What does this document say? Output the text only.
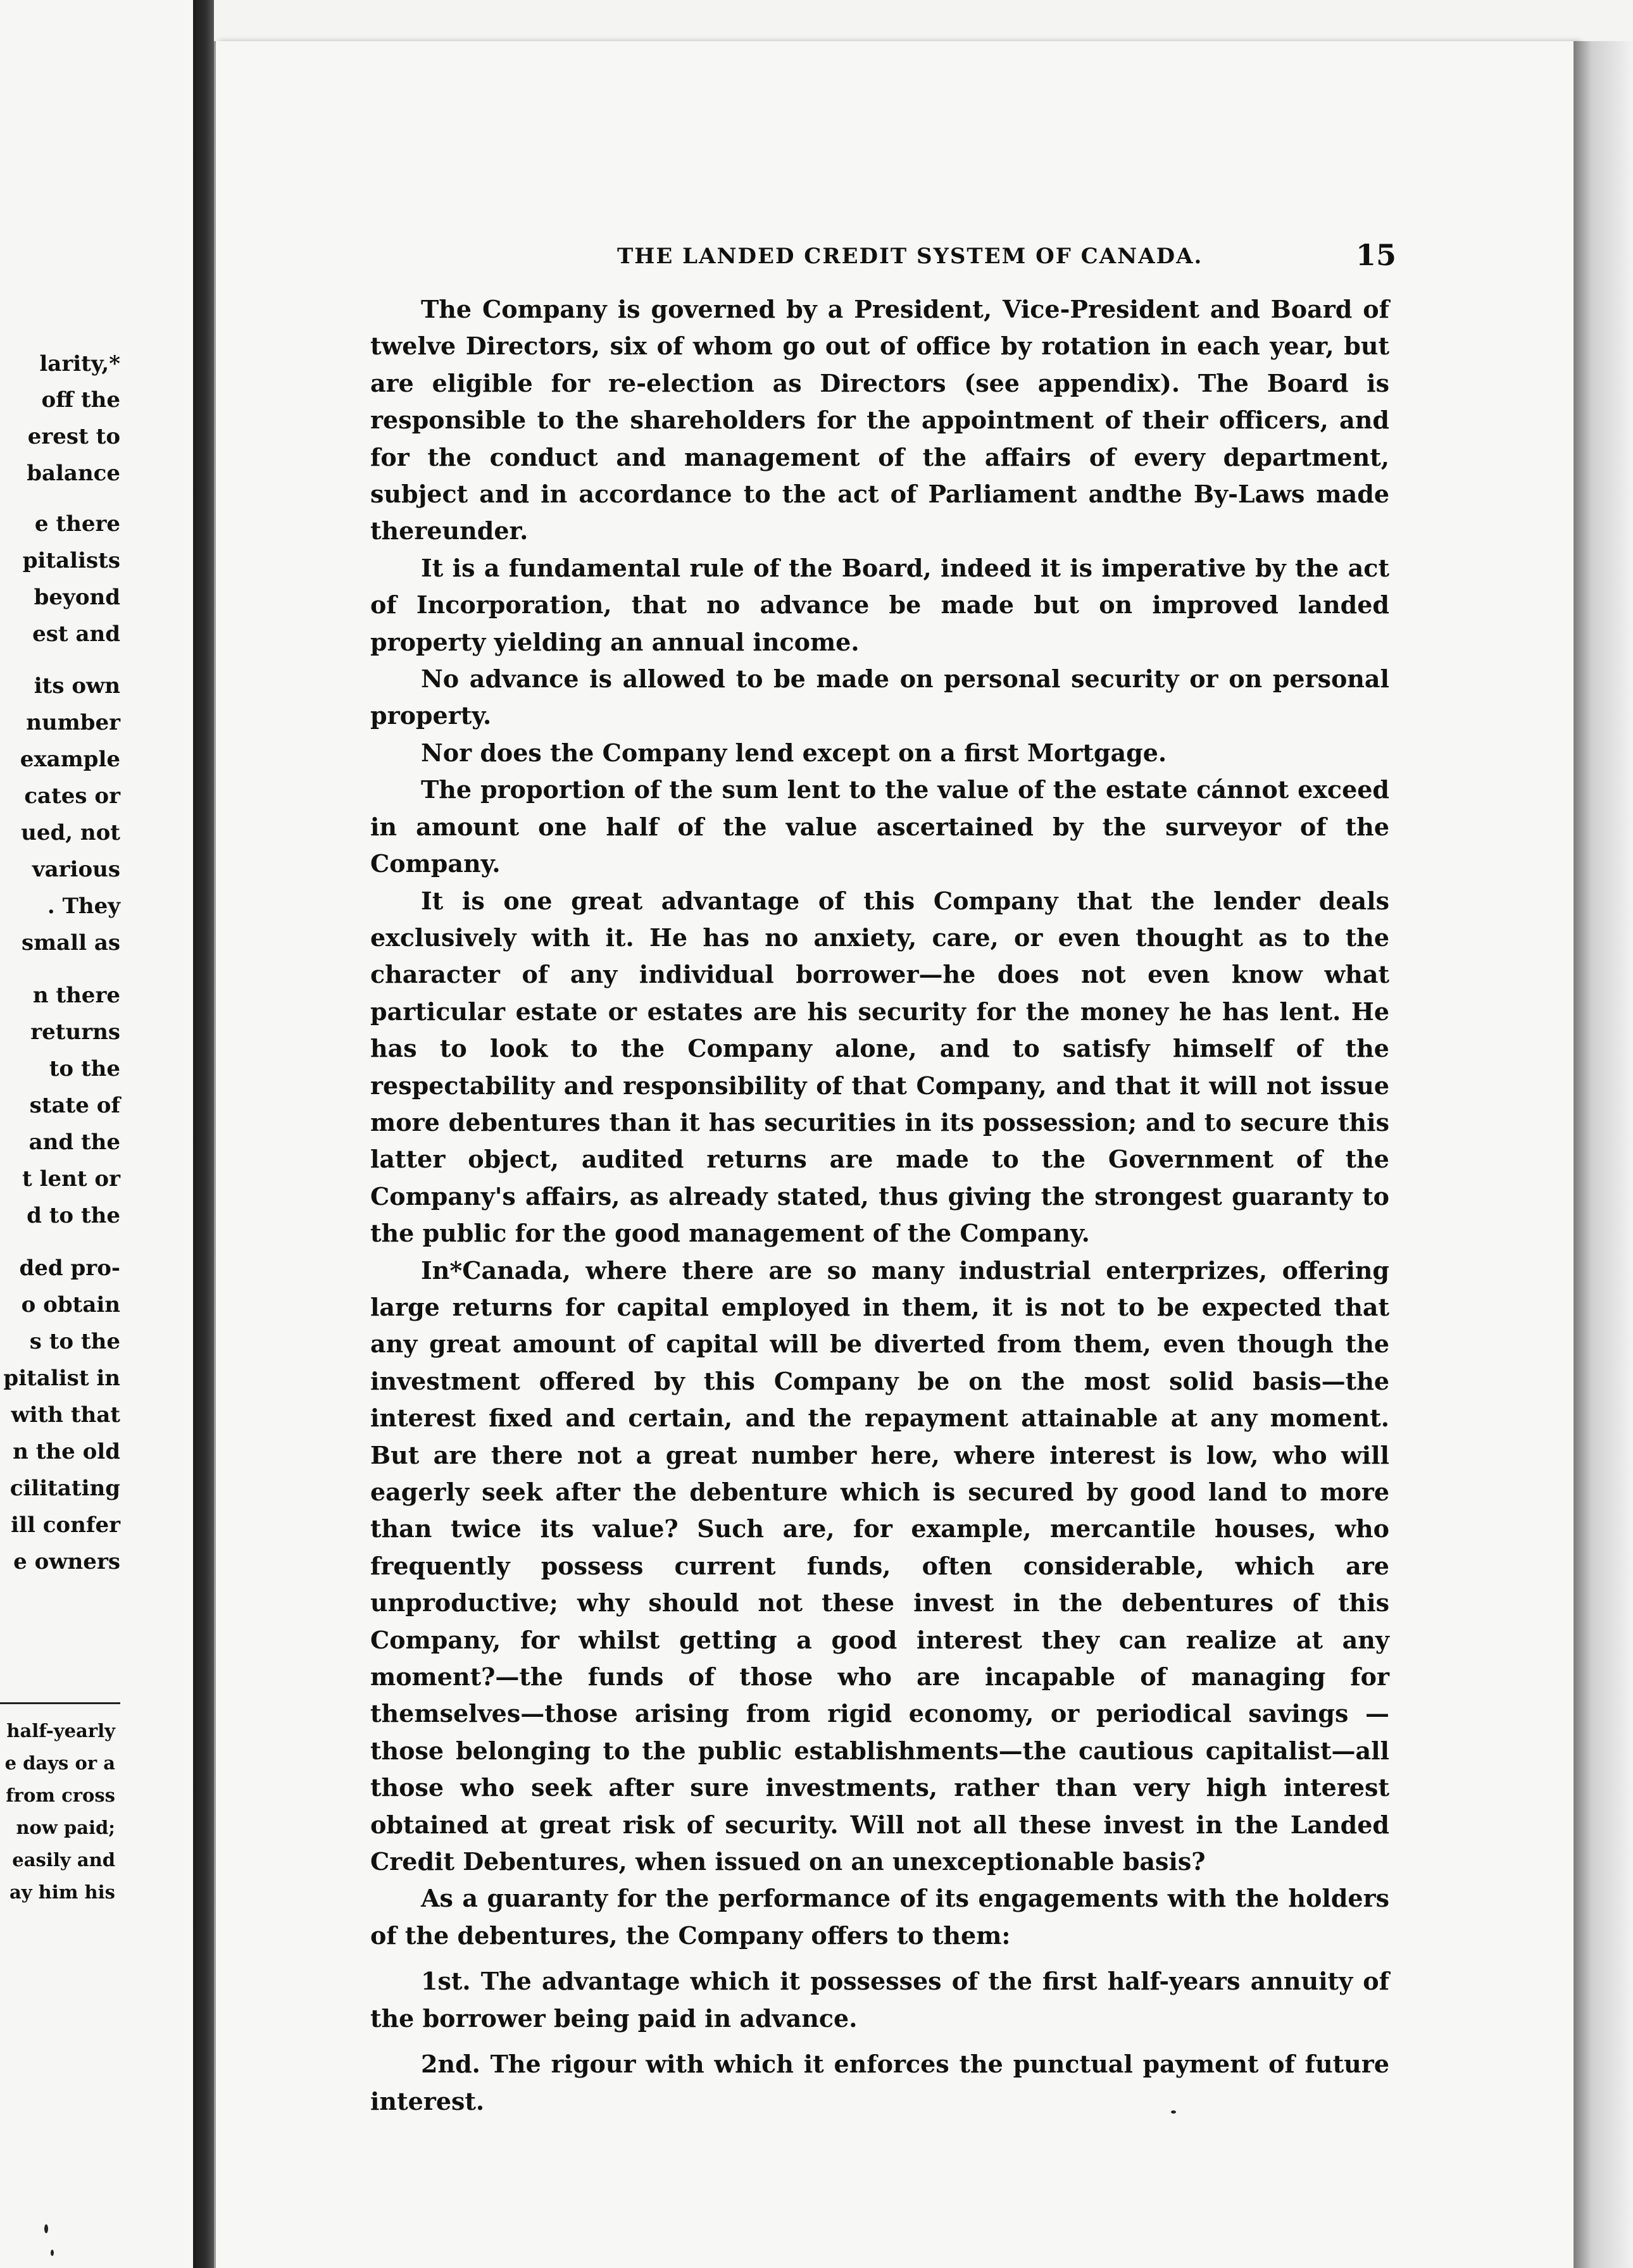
larity,*
off the
erest to
balance
e there
pitalists
beyond
est and
its own
number
example
cates or
ued, not
various
. They
small as
n there
returns
to the
state of
and the
t lent or
d to the
ded pro-
o obtain
s to the
pitalist in
with that
n the old
cilitating
ill confer
e owners
half-yearly
e days or a
from cross
now paid;
easily and
ay him his
THE LANDED CREDIT SYSTEM OF CANADA.	15

The Company is governed by a President, Vice-President and Board of twelve Directors, six of whom go out of office by rotation in each year, but are eligible for re-election as Directors (see appendix). The Board is responsible to the shareholders for the appointment of their officers, and for the conduct and management of the affairs of every department, subject and in accordance to the act of Parliament andthe By-Laws made thereunder.

It is a fundamental rule of the Board, indeed it is imperative by the act of Incorporation, that no advance be made but on improved landed property yielding an annual income.

No advance is allowed to be made on personal security or on personal property.

Nor does the Company lend except on a first Mortgage.

The proportion of the sum lent to the value of the estate cánnot exceed in amount one half of the value ascertained by the surveyor of the Company.

It is one great advantage of this Company that the lender deals exclusively with it. He has no anxiety, care, or even thought as to the character of any individual borrower—he does not even know what particular estate or estates are his security for the money he has lent. He has to look to the Company alone, and to satisfy himself of the respectability and responsibility of that Company, and that it will not issue more debentures than it has securities in its possession; and to secure this latter object, audited returns are made to the Government of the Company's affairs, as already stated, thus giving the strongest guaranty to the public for the good management of the Company.

In*Canada, where there are so many industrial enterprizes, offering large returns for capital employed in them, it is not to be expected that any great amount of capital will be diverted from them, even though the investment offered by this Company be on the most solid basis—the interest fixed and certain, and the repayment attainable at any moment. But are there not a great number here, where interest is low, who will eagerly seek after the debenture which is secured by good land to more than twice its value? Such are, for example, mercantile houses, who frequently possess current funds, often considerable, which are unproductive; why should not these invest in the debentures of this Company, for whilst getting a good interest they can realize at any moment?—the funds of those who are incapable of managing for themselves—those arising from rigid economy, or periodical savings —those belonging to the public establishments—the cautious capitalist—all those who seek after sure investments, rather than very high interest obtained at great risk of security. Will not all these invest in the Landed Credit Debentures, when issued on an unexceptionable basis?

As a guaranty for the performance of its engagements with the holders of the debentures, the Company offers to them:

1st. The advantage which it possesses of the first half-years annuity of the borrower being paid in advance.

2nd. The rigour with which it enforces the punctual payment of future interest.
